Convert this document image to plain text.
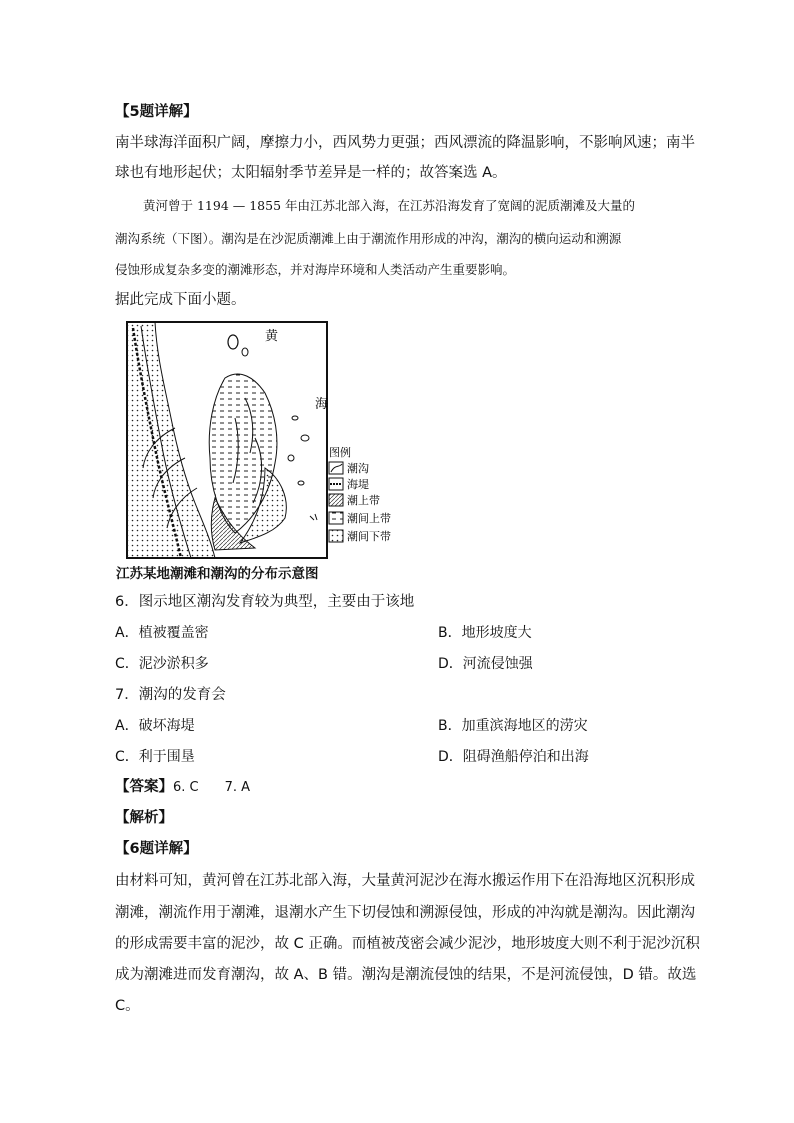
【5题详解】
南半球海洋面积广阔，摩擦力小，西风势力更强；西风漂流的降温影响，不影响风速；南半
球也有地形起伏；太阳辐射季节差异是一样的；故答案选 A。
黄河曾于 1194 — 1855 年由江苏北部入海，在江苏沿海发育了宽阔的泥质潮滩及大量的
潮沟系统（下图）。潮沟是在沙泥质潮滩上由于潮流作用形成的冲沟，潮沟的横向运动和溯源
侵蚀形成复杂多变的潮滩形态，并对海岸环境和人类活动产生重要影响。
据此完成下面小题。
黄
海
图例
潮沟
海堤
潮上带
潮间上带
潮间下带
江苏某地潮滩和潮沟的分布示意图
6．图示地区潮沟发育较为典型，主要由于该地
A．植被覆盖密	B．地形坡度大
C．泥沙淤积多	D．河流侵蚀强
7．潮沟的发育会
A．破坏海堤	B．加重滨海地区的涝灾
C．利于围垦	D．阻碍渔船停泊和出海
【答案】6. C　　7. A
【解析】
【6题详解】
由材料可知，黄河曾在江苏北部入海，大量黄河泥沙在海水搬运作用下在沿海地区沉积形成
潮滩，潮流作用于潮滩，退潮水产生下切侵蚀和溯源侵蚀，形成的冲沟就是潮沟。因此潮沟
的形成需要丰富的泥沙，故 C 正确。而植被茂密会减少泥沙，地形坡度大则不利于泥沙沉积
成为潮滩进而发育潮沟，故 A、B 错。潮沟是潮流侵蚀的结果，不是河流侵蚀，D 错。故选
C。
